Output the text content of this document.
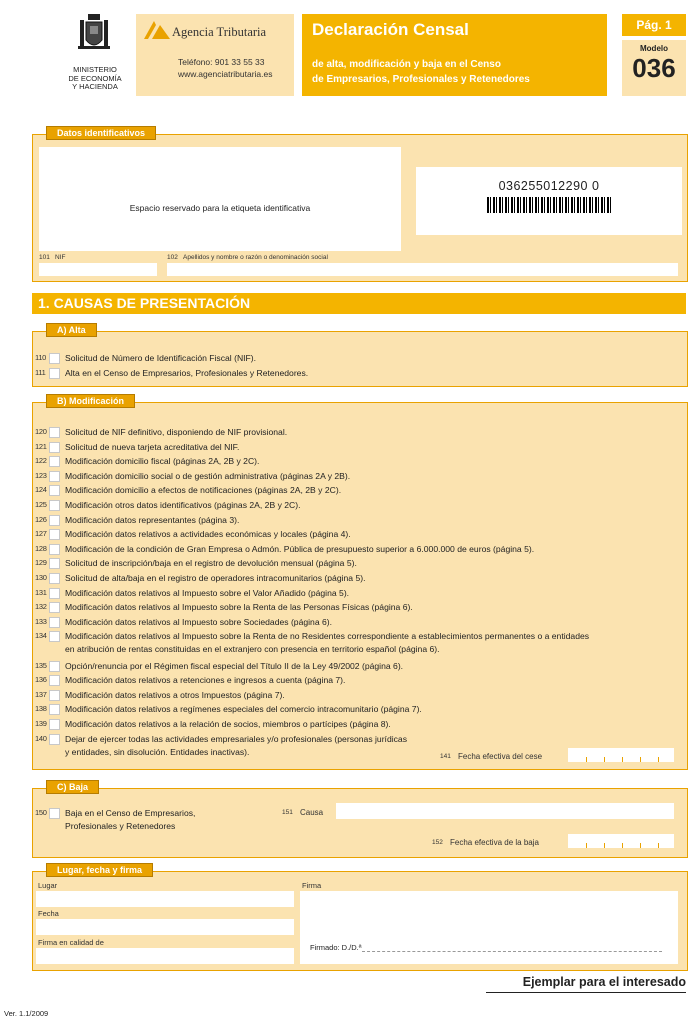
MINISTERIO
DE ECONOMÍA
Y HACIENDA
Agencia Tributaria
Teléfono: 901 33 55 33
www.agenciatributaria.es
Declaración Censal
de alta, modificación y baja en el Censo
de Empresarios, Profesionales y Retenedores
Pág. 1
Modelo
036
Espacio reservado para la etiqueta identificativa
036255012290 0
101 NIF	102 Apellidos y nombre o razón o denominación social
Datos identificativos
1. CAUSAS DE PRESENTACIÓN
A) Alta
110	Solicitud de Número de Identificación Fiscal (NIF).
111	Alta en el Censo de Empresarios, Profesionales y Retenedores.
B) Modificación
120 Solicitud de NIF definitivo, disponiendo de NIF provisional.
121 Solicitud de nueva tarjeta acreditativa del NIF.
122 Modificación domicilio fiscal (páginas 2A, 2B y 2C).
123 Modificación domicilio social o de gestión administrativa (páginas 2A y 2B).
124 Modificación domicilio a efectos de notificaciones (páginas 2A, 2B y 2C).
125 Modificación otros datos identificativos (páginas 2A, 2B y 2C).
126 Modificación datos representantes (página 3).
127 Modificación datos relativos a actividades económicas y locales (página 4).
128 Modificación de la condición de Gran Empresa o Admón. Pública de presupuesto superior a 6.000.000 de euros (página 5).
129 Solicitud de inscripción/baja en el registro de devolución mensual (página 5).
130 Solicitud de alta/baja en el registro de operadores intracomunitarios (página 5).
131 Modificación datos relativos al Impuesto sobre el Valor Añadido (página 5).
132 Modificación datos relativos al Impuesto sobre la Renta de las Personas Físicas (página 6).
133 Modificación datos relativos al Impuesto sobre Sociedades (página 6).
134 Modificación datos relativos al Impuesto sobre la Renta de no Residentes correspondiente a establecimientos permanentes o a entidades
en atribución de rentas constituidas en el extranjero con presencia en territorio español (página 6).
135 Opción/renuncia por el Régimen fiscal especial del Título II de la Ley 49/2002 (página 6).
136 Modificación datos relativos a retenciones e ingresos a cuenta (página 7).
137 Modificación datos relativos a otros Impuestos (página 7).
138 Modificación datos relativos a regímenes especiales del comercio intracomunitario (página 7).
139 Modificación datos relativos a la relación de socios, miembros o partícipes (página 8).
140 Dejar de ejercer todas las actividades empresariales y/o profesionales (personas jurídicas
y entidades, sin disolución. Entidades inactivas).	141 Fecha efectiva del cese
C) Baja
150 Baja en el Censo de Empresarios,
Profesionales y Retenedores
151 Causa
152 Fecha efectiva de la baja
Lugar, fecha y firma
Lugar
Fecha
Firma en calidad de
Firma
Firmado: D./D.ª
Ejemplar para el interesado
Ver. 1.1/2009
